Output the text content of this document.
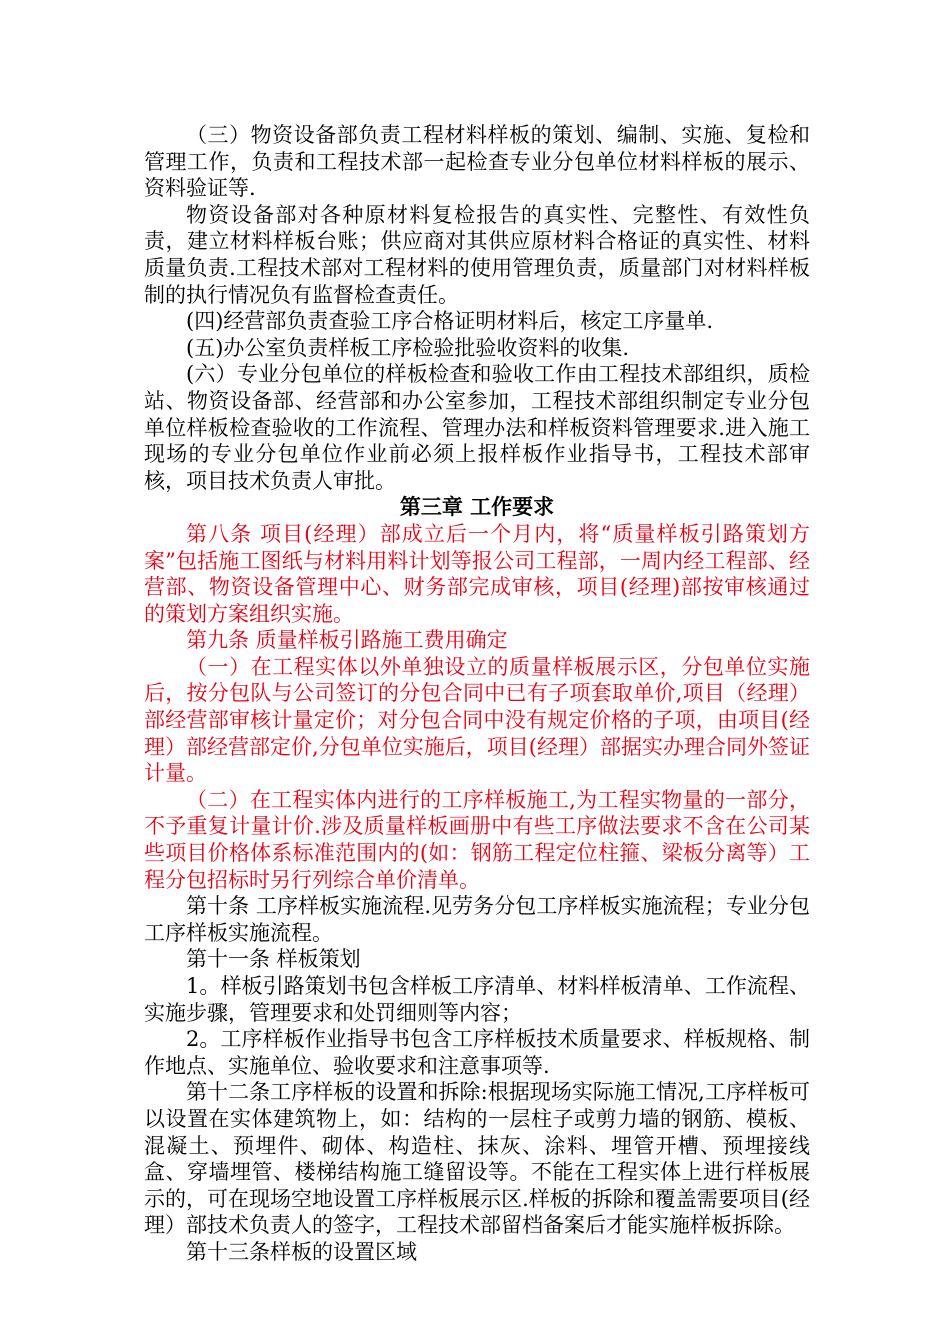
（三）物资设备部负责工程材料样板的策划、编制、实施、复检和管理工作，负责和工程技术部一起检查专业分包单位材料样板的展示、资料验证等.

物资设备部对各种原材料复检报告的真实性、完整性、有效性负责，建立材料样板台账；供应商对其供应原材料合格证的真实性、材料质量负责.工程技术部对工程材料的使用管理负责，质量部门对材料样板制的执行情况负有监督检查责任。

(四)经营部负责查验工序合格证明材料后，核定工序量单.

(五)办公室负责样板工序检验批验收资料的收集.

(六）专业分包单位的样板检查和验收工作由工程技术部组织，质检站、物资设备部、经营部和办公室参加，工程技术部组织制定专业分包单位样板检查验收的工作流程、管理办法和样板资料管理要求.进入施工现场的专业分包单位作业前必须上报样板作业指导书，工程技术部审核，项目技术负责人审批。

第三章 工作要求

第八条 项目(经理）部成立后一个月内，将“质量样板引路策划方案”包括施工图纸与材料用料计划等报公司工程部，一周内经工程部、经营部、物资设备管理中心、财务部完成审核，项目(经理)部按审核通过的策划方案组织实施。

第九条 质量样板引路施工费用确定

（一）在工程实体以外单独设立的质量样板展示区，分包单位实施后，按分包队与公司签订的分包合同中已有子项套取单价,项目（经理）部经营部审核计量定价；对分包合同中没有规定价格的子项，由项目(经理）部经营部定价,分包单位实施后，项目(经理）部据实办理合同外签证计量。

（二）在工程实体内进行的工序样板施工,为工程实物量的一部分，不予重复计量计价.涉及质量样板画册中有些工序做法要求不含在公司某些项目价格体系标准范围内的(如：钢筋工程定位柱箍、梁板分离等）工程分包招标时另行列综合单价清单。

第十条 工序样板实施流程.见劳务分包工序样板实施流程；专业分包工序样板实施流程。

第十一条 样板策划

1。样板引路策划书包含样板工序清单、材料样板清单、工作流程、实施步骤，管理要求和处罚细则等内容；

2。工序样板作业指导书包含工序样板技术质量要求、样板规格、制作地点、实施单位、验收要求和注意事项等.

第十二条工序样板的设置和拆除:根据现场实际施工情况,工序样板可以设置在实体建筑物上，如：结构的一层柱子或剪力墙的钢筋、模板、混凝土、预埋件、砌体、构造柱、抹灰、涂料、埋管开槽、预埋接线盒、穿墙埋管、楼梯结构施工缝留设等。不能在工程实体上进行样板展示的，可在现场空地设置工序样板展示区.样板的拆除和覆盖需要项目(经理）部技术负责人的签字，工程技术部留档备案后才能实施样板拆除。

第十三条样板的设置区域
